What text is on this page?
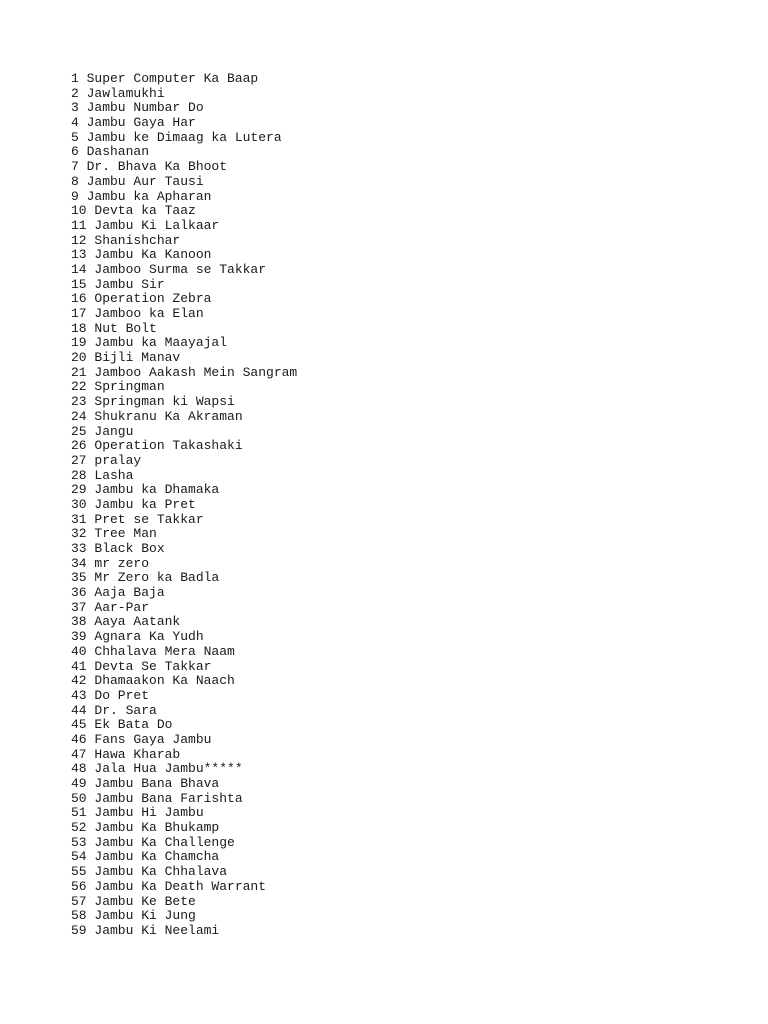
1 Super Computer Ka Baap
2 Jawlamukhi
3 Jambu Numbar Do
4 Jambu Gaya Har
5 Jambu ke Dimaag ka Lutera
6 Dashanan
7 Dr. Bhava Ka Bhoot
8 Jambu Aur Tausi
9 Jambu ka Apharan
10 Devta ka Taaz
11 Jambu Ki Lalkaar
12 Shanishchar
13 Jambu Ka Kanoon
14 Jamboo Surma se Takkar
15 Jambu Sir
16 Operation Zebra
17 Jamboo ka Elan
18 Nut Bolt
19 Jambu ka Maayajal
20 Bijli Manav
21 Jamboo Aakash Mein Sangram
22 Springman
23 Springman ki Wapsi
24 Shukranu Ka Akraman
25 Jangu
26 Operation Takashaki
27 pralay
28 Lasha
29 Jambu ka Dhamaka
30 Jambu ka Pret
31 Pret se Takkar
32 Tree Man
33 Black Box
34 mr zero
35 Mr Zero ka Badla
36 Aaja Baja
37 Aar-Par
38 Aaya Aatank
39 Agnara Ka Yudh
40 Chhalava Mera Naam
41 Devta Se Takkar
42 Dhamaakon Ka Naach
43 Do Pret
44 Dr. Sara
45 Ek Bata Do
46 Fans Gaya Jambu
47 Hawa Kharab
48 Jala Hua Jambu*****
49 Jambu Bana Bhava
50 Jambu Bana Farishta
51 Jambu Hi Jambu
52 Jambu Ka Bhukamp
53 Jambu Ka Challenge
54 Jambu Ka Chamcha
55 Jambu Ka Chhalava
56 Jambu Ka Death Warrant
57 Jambu Ke Bete
58 Jambu Ki Jung
59 Jambu Ki Neelami
